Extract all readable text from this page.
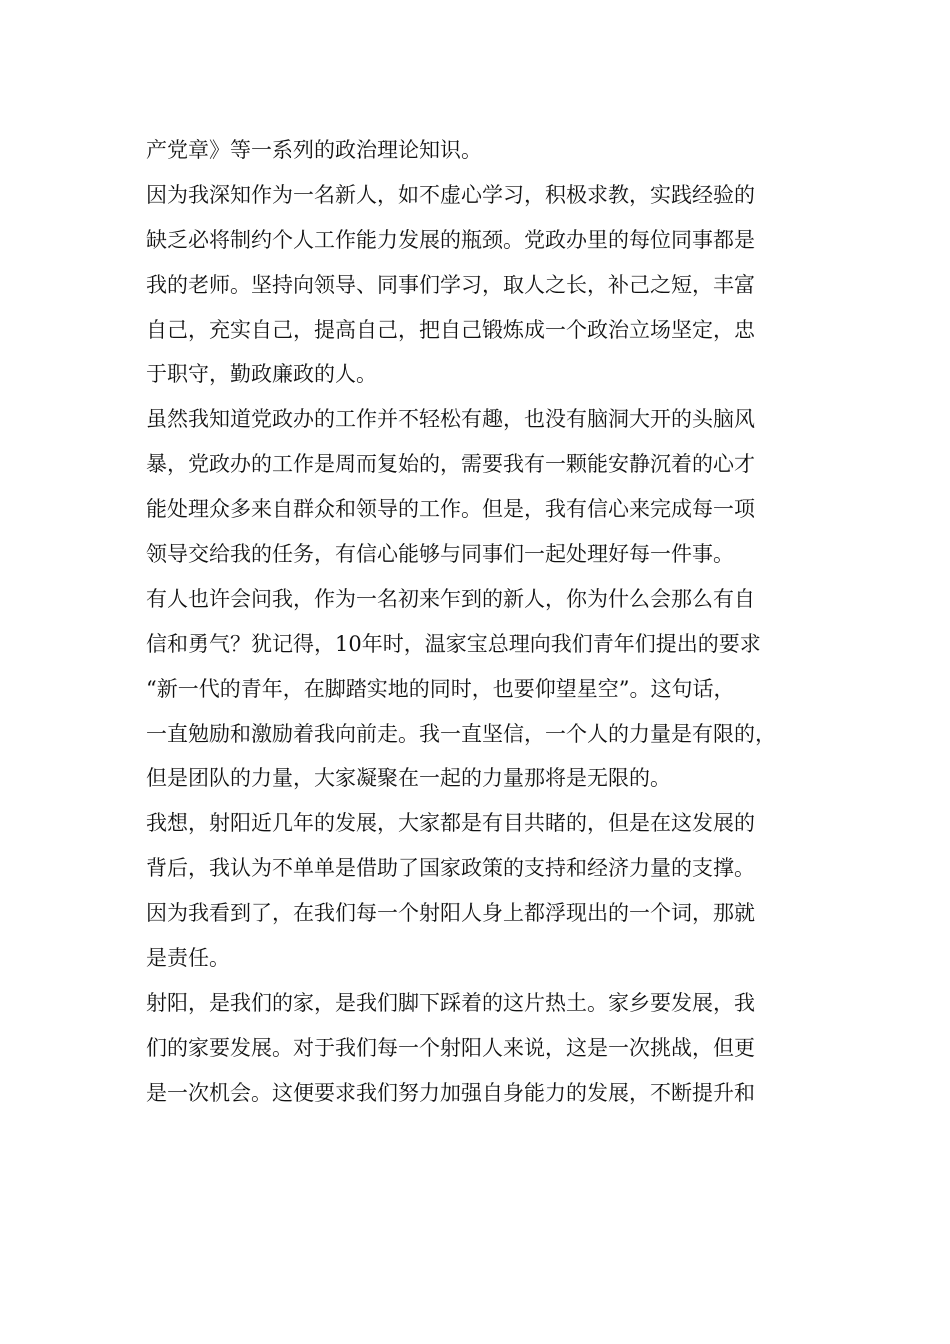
产党章》等一系列的政治理论知识。
因为我深知作为一名新人，如不虚心学习，积极求教，实践经验的
缺乏必将制约个人工作能力发展的瓶颈。党政办里的每位同事都是
我的老师。坚持向领导、同事们学习，取人之长，补己之短，丰富
自己，充实自己，提高自己，把自己锻炼成一个政治立场坚定，忠
于职守，勤政廉政的人。
虽然我知道党政办的工作并不轻松有趣，也没有脑洞大开的头脑风
暴，党政办的工作是周而复始的，需要我有一颗能安静沉着的心才
能处理众多来自群众和领导的工作。但是，我有信心来完成每一项
领导交给我的任务，有信心能够与同事们一起处理好每一件事。
有人也许会问我，作为一名初来乍到的新人，你为什么会那么有自
信和勇气？犹记得，10年时，温家宝总理向我们青年们提出的要求
“新一代的青年，在脚踏实地的同时，也要仰望星空”。这句话，
一直勉励和激励着我向前走。我一直坚信，一个人的力量是有限的，
但是团队的力量，大家凝聚在一起的力量那将是无限的。
我想，射阳近几年的发展，大家都是有目共睹的，但是在这发展的
背后，我认为不单单是借助了国家政策的支持和经济力量的支撑。
因为我看到了，在我们每一个射阳人身上都浮现出的一个词，那就
是责任。
射阳，是我们的家，是我们脚下踩着的这片热土。家乡要发展，我
们的家要发展。对于我们每一个射阳人来说，这是一次挑战，但更
是一次机会。这便要求我们努力加强自身能力的发展，不断提升和
